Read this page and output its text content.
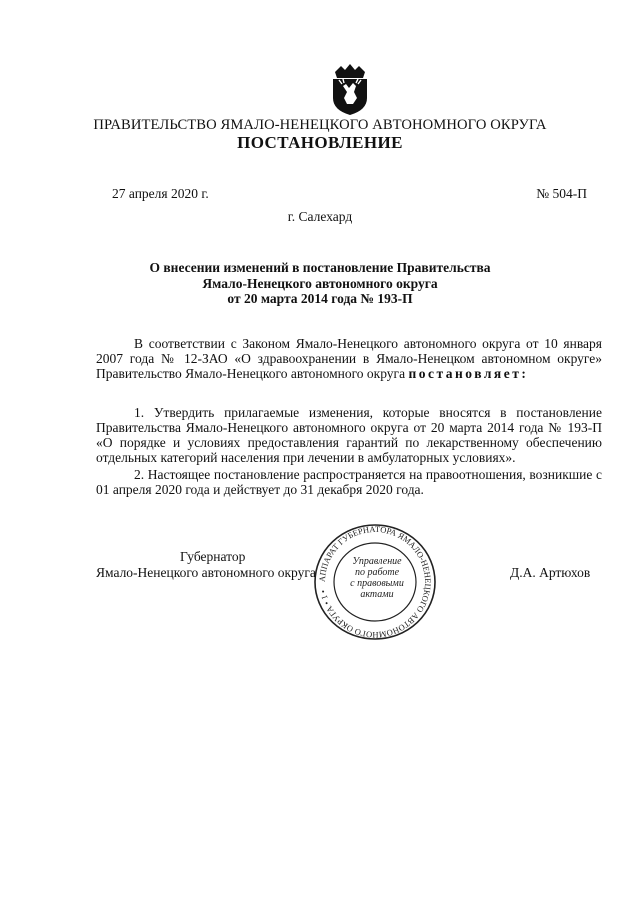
ПРАВИТЕЛЬСТВО ЯМАЛО-НЕНЕЦКОГО АВТОНОМНОГО ОКРУГА
ПОСТАНОВЛЕНИЕ
27 апреля 2020 г.	№ 504-П
г. Салехард
О внесении изменений в постановление Правительства
Ямало-Ненецкого автономного округа
от 20 марта 2014 года № 193-П
В соответствии с Законом Ямало-Ненецкого автономного округа от 10 января 2007 года № 12-ЗАО «О здравоохранении в Ямало-Ненецком автономном округе» Правительство Ямало-Ненецкого автономного округа постановляет:
1. Утвердить прилагаемые изменения, которые вносятся в постановление Правительства Ямало-Ненецкого автономного округа от 20 марта 2014 года № 193-П «О порядке и условиях предоставления гарантий по лекарственному обеспечению отдельных категорий населения при лечении в амбулаторных условиях».
2. Настоящее постановление распространяется на правоотношения, возникшие с 01 апреля 2020 года и действует до 31 декабря 2020 года.
АППАРАТ ГУБЕРНАТОРА ЯМАЛО-НЕНЕЦКОГО АВТОНОМНОГО ОКРУГА • 1 •
Управление
по работе
с правовыми
актами
Губернатор
Ямало-Ненецкого автономного округа	Д.А. Артюхов
